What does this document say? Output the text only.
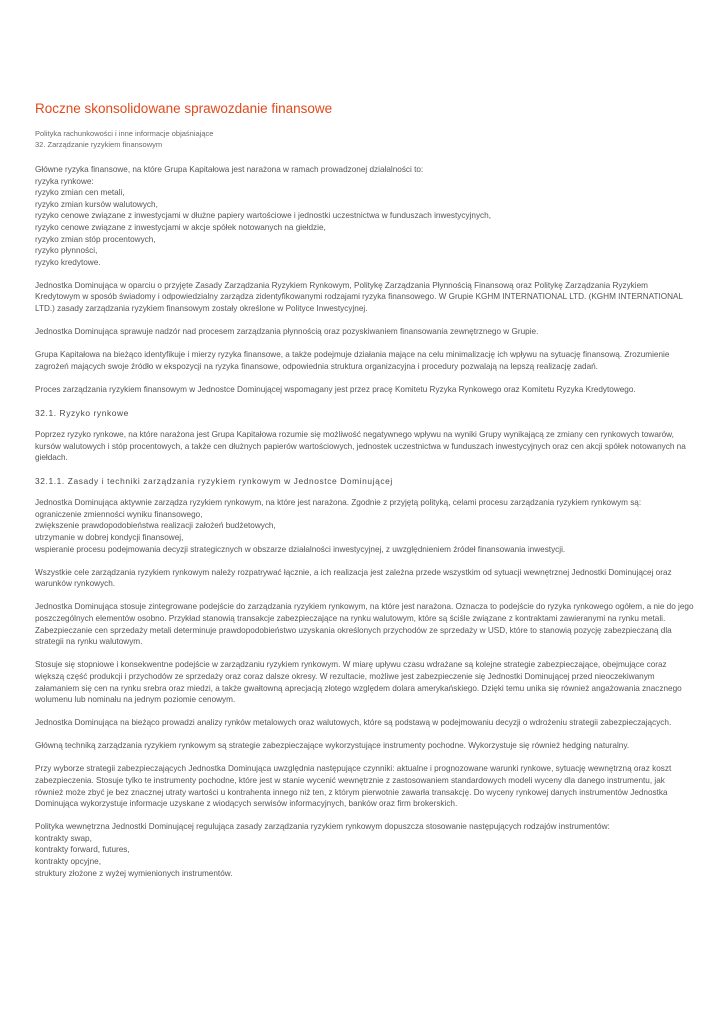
Roczne skonsolidowane sprawozdanie finansowe
Polityka rachunkowości i inne informacje objaśniające
32. Zarządzanie ryzykiem finansowym

Główne ryzyka finansowe, na które Grupa Kapitałowa jest narażona w ramach prowadzonej działalności to:

ryzyka rynkowe:

ryzyko zmian cen metali,

ryzyko zmian kursów walutowych,

ryzyko cenowe związane z inwestycjami w dłużne papiery wartościowe i jednostki uczestnictwa w funduszach inwestycyjnych,

ryzyko cenowe związane z inwestycjami w akcje spółek notowanych na giełdzie,

ryzyko zmian stóp procentowych,

ryzyko płynności,

ryzyko kredytowe.

Jednostka Dominująca w oparciu o przyjęte Zasady Zarządzania Ryzykiem Rynkowym, Politykę Zarządzania Płynnością Finansową oraz Politykę Zarządzania Ryzykiem Kredytowym w sposób świadomy i odpowiedzialny zarządza zidentyfikowanymi rodzajami ryzyka finansowego. W Grupie KGHM INTERNATIONAL LTD. (KGHM INTERNATIONAL LTD.) zasady zarządzania ryzykiem finansowym zostały określone w Polityce Inwestycyjnej.

Jednostka Dominująca sprawuje nadzór nad procesem zarządzania płynnością oraz pozyskiwaniem finansowania zewnętrznego w Grupie.

Grupa Kapitałowa na bieżąco identyfikuje i mierzy ryzyka finansowe, a także podejmuje działania mające na celu minimalizację ich wpływu na sytuację finansową. Zrozumienie zagrożeń mających swoje źródło w ekspozycji na ryzyka finansowe, odpowiednia struktura organizacyjna i procedury pozwalają na lepszą realizację zadań.

Proces zarządzania ryzykiem finansowym w Jednostce Dominującej wspomagany jest przez pracę Komitetu Ryzyka Rynkowego oraz Komitetu Ryzyka Kredytowego.

32.1. Ryzyko rynkowe

Poprzez ryzyko rynkowe, na które narażona jest Grupa Kapitałowa rozumie się możliwość negatywnego wpływu na wyniki Grupy wynikającą ze zmiany cen rynkowych towarów, kursów walutowych i stóp procentowych, a także cen dłużnych papierów wartościowych, jednostek uczestnictwa w funduszach inwestycyjnych oraz cen akcji spółek notowanych na giełdach.

32.1.1. Zasady i techniki zarządzania ryzykiem rynkowym w Jednostce Dominującej

Jednostka Dominująca aktywnie zarządza ryzykiem rynkowym, na które jest narażona. Zgodnie z przyjętą polityką, celami procesu zarządzania ryzykiem rynkowym są:

ograniczenie zmienności wyniku finansowego,

zwiększenie prawdopodobieństwa realizacji założeń budżetowych,

utrzymanie w dobrej kondycji finansowej,

wspieranie procesu podejmowania decyzji strategicznych w obszarze działalności inwestycyjnej, z uwzględnieniem źródeł finansowania inwestycji.

Wszystkie cele zarządzania ryzykiem rynkowym należy rozpatrywać łącznie, a ich realizacja jest zależna przede wszystkim od sytuacji wewnętrznej Jednostki Dominującej oraz warunków rynkowych.

Jednostka Dominująca stosuje zintegrowane podejście do zarządzania ryzykiem rynkowym, na które jest narażona. Oznacza to podejście do ryzyka rynkowego ogółem, a nie do jego poszczególnych elementów osobno. Przykład stanowią transakcje zabezpieczające na rynku walutowym, które są ściśle związane z kontraktami zawieranymi na rynku metali. Zabezpieczanie cen sprzedaży metali determinuje prawdopodobieństwo uzyskania określonych przychodów ze sprzedaży w USD, które to stanowią pozycję zabezpieczaną dla strategii na rynku walutowym.

Stosuje się stopniowe i konsekwentne podejście w zarządzaniu ryzykiem rynkowym. W miarę upływu czasu wdrażane są kolejne strategie zabezpieczające, obejmujące coraz większą część produkcji i przychodów ze sprzedaży oraz coraz dalsze okresy. W rezultacie, możliwe jest zabezpieczenie się Jednostki Dominującej przed nieoczekiwanym załamaniem się cen na rynku srebra oraz miedzi, a także gwałtowną aprecjacją złotego względem dolara amerykańskiego. Dzięki temu unika się również angażowania znacznego wolumenu lub nominału na jednym poziomie cenowym.

Jednostka Dominująca na bieżąco prowadzi analizy rynków metalowych oraz walutowych, które są podstawą w podejmowaniu decyzji o wdrożeniu strategii zabezpieczających.

Główną techniką zarządzania ryzykiem rynkowym są strategie zabezpieczające wykorzystujące instrumenty pochodne. Wykorzystuje się również hedging naturalny.

Przy wyborze strategii zabezpieczających Jednostka Dominująca uwzględnia następujące czynniki: aktualne i prognozowane warunki rynkowe, sytuację wewnętrzną oraz koszt zabezpieczenia. Stosuje tylko te instrumenty pochodne, które jest w stanie wycenić wewnętrznie z zastosowaniem standardowych modeli wyceny dla danego instrumentu, jak również może zbyć je bez znacznej utraty wartości u kontrahenta innego niż ten, z którym pierwotnie zawarła transakcję. Do wyceny rynkowej danych instrumentów Jednostka Dominująca wykorzystuje informacje uzyskane z wiodących serwisów informacyjnych, banków oraz firm brokerskich.

Polityka wewnętrzna Jednostki Dominującej regulująca zasady zarządzania ryzykiem rynkowym dopuszcza stosowanie następujących rodzajów instrumentów:

kontrakty swap,

kontrakty forward, futures,

kontrakty opcyjne,

struktury złożone z wyżej wymienionych instrumentów.
